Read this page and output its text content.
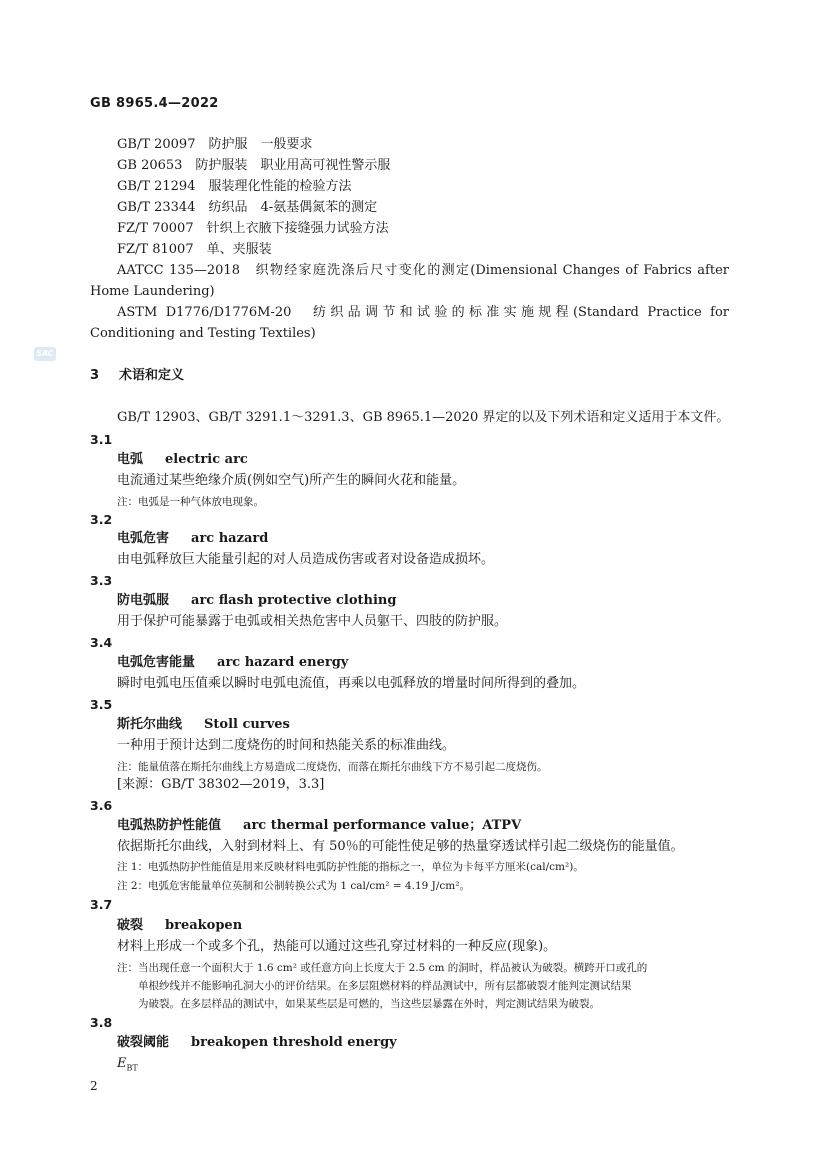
GB 8965.4—2022
GB/T 20097　防护服　一般要求
GB 20653　防护服装　职业用高可视性警示服
GB/T 21294　服装理化性能的检验方法
GB/T 23344　纺织品　4-氨基偶氮苯的测定
FZ/T 70007　针织上衣腋下接缝强力试验方法
FZ/T 81007　单、夹服装
AATCC 135—2018　织物经家庭洗涤后尺寸变化的测定(Dimensional Changes of Fabrics after
Home Laundering)
ASTM D1776/D1776M-20　纺织品调节和试验的标准实施规程(Standard Practice for
Conditioning and Testing Textiles)
SAC
3 术语和定义
GB/T 12903、GB/T 3291.1～3291.3、GB 8965.1—2020 界定的以及下列术语和定义适用于本文件。
3.1
电弧 electric arc
电流通过某些绝缘介质(例如空气)所产生的瞬间火花和能量。
注：电弧是一种气体放电现象。
3.2
电弧危害 arc hazard
由电弧释放巨大能量引起的对人员造成伤害或者对设备造成损坏。
3.3
防电弧服 arc flash protective clothing
用于保护可能暴露于电弧或相关热危害中人员躯干、四肢的防护服。
3.4
电弧危害能量 arc hazard energy
瞬时电弧电压值乘以瞬时电弧电流值，再乘以电弧释放的增量时间所得到的叠加。
3.5
斯托尔曲线 Stoll curves
一种用于预计达到二度烧伤的时间和热能关系的标准曲线。
注：能量值落在斯托尔曲线上方易造成二度烧伤，而落在斯托尔曲线下方不易引起二度烧伤。
[来源：GB/T 38302—2019，3.3]
3.6
电弧热防护性能值 arc thermal performance value；ATPV
依据斯托尔曲线，入射到材料上、有 50％的可能性使足够的热量穿透试样引起二级烧伤的能量值。
注 1：电弧热防护性能值是用来反映材料电弧防护性能的指标之一，单位为卡每平方厘米(cal/cm²)。
注 2：电弧危害能量单位英制和公制转换公式为 1 cal/cm² = 4.19 J/cm²。
3.7
破裂 breakopen
材料上形成一个或多个孔，热能可以通过这些孔穿过材料的一种反应(现象)。
注：当出现任意一个面积大于 1.6 cm² 或任意方向上长度大于 2.5 cm 的洞时，样品被认为破裂。横跨开口或孔的
单根纱线并不能影响孔洞大小的评价结果。在多层阻燃材料的样品测试中，所有层都破裂才能判定测试结果
为破裂。在多层样品的测试中，如果某些层是可燃的，当这些层暴露在外时，判定测试结果为破裂。
3.8
破裂阈能 breakopen threshold energy
$E_{BT}$
2
